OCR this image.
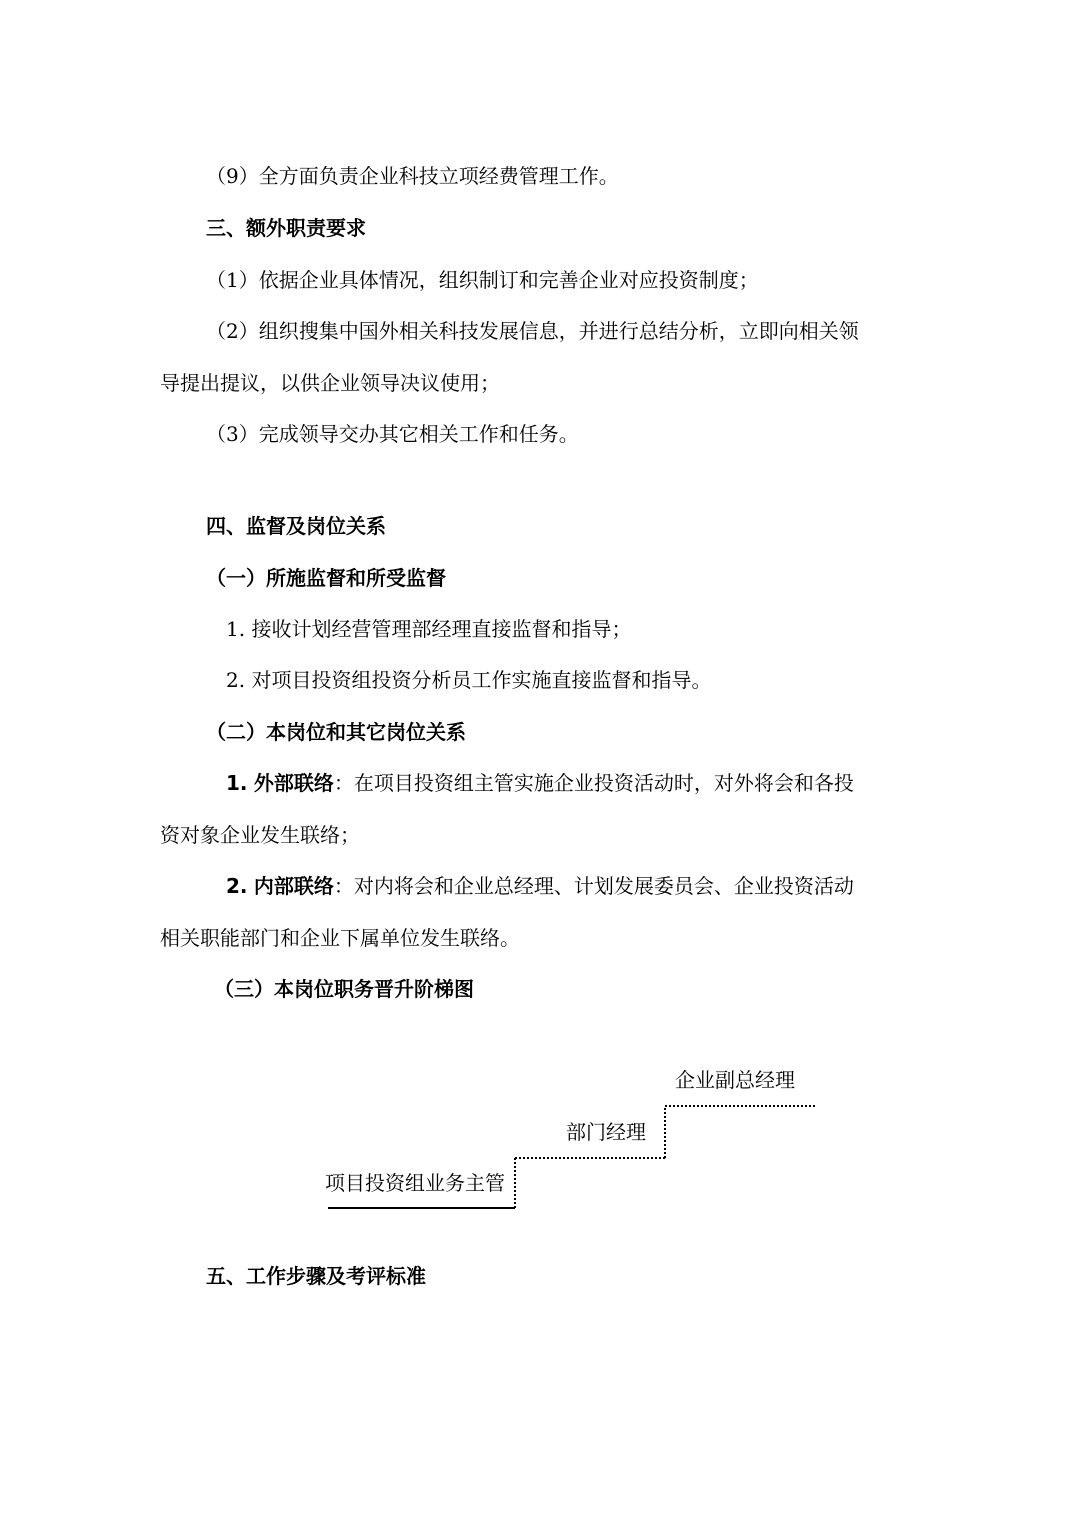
（9）全方面负责企业科技立项经费管理工作。
三、额外职责要求
（1）依据企业具体情况，组织制订和完善企业对应投资制度；
（2）组织搜集中国外相关科技发展信息，并进行总结分析，立即向相关领
导提出提议，以供企业领导决议使用；
（3）完成领导交办其它相关工作和任务。
四、监督及岗位关系
（一）所施监督和所受监督
1. 接收计划经营管理部经理直接监督和指导；
2. 对项目投资组投资分析员工作实施直接监督和指导。
（二）本岗位和其它岗位关系
1. 外部联络：在项目投资组主管实施企业投资活动时，对外将会和各投
资对象企业发生联络；
2. 内部联络：对内将会和企业总经理、计划发展委员会、企业投资活动
相关职能部门和企业下属单位发生联络。
（三）本岗位职务晋升阶梯图
项目投资组业务主管
部门经理
企业副总经理
五、工作步骤及考评标准
